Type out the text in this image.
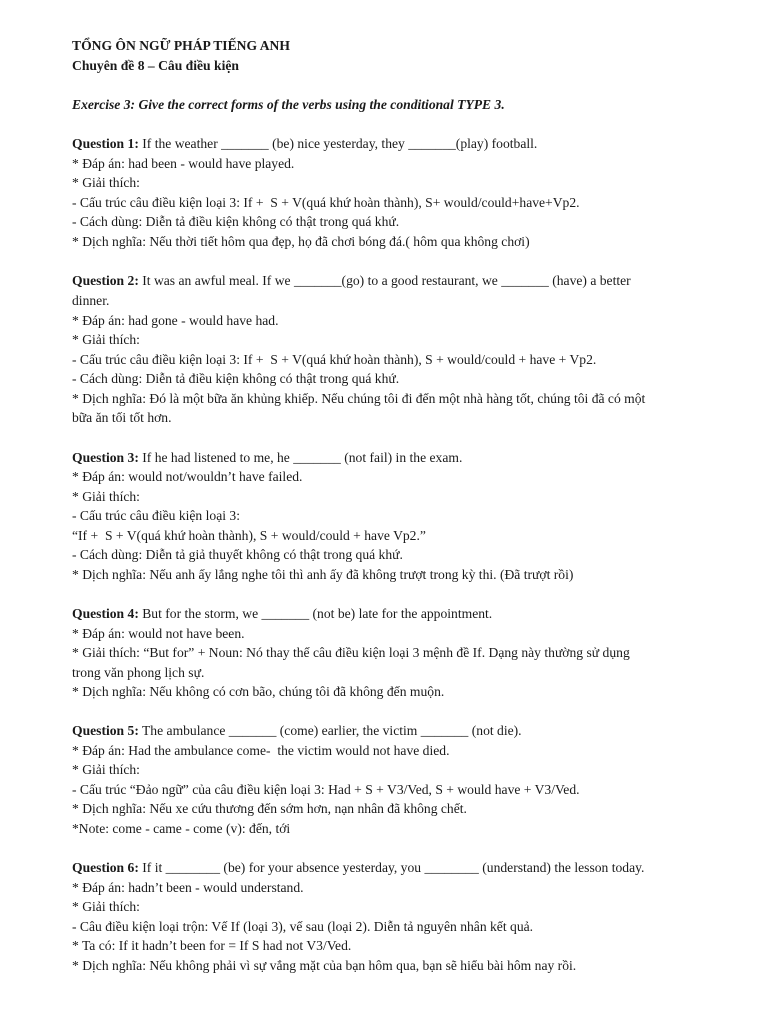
TỔNG ÔN NGỮ PHÁP TIẾNG ANH
Chuyên đề 8 – Câu điều kiện
Exercise 3: Give the correct forms of the verbs using the conditional TYPE 3.
Question 1: If the weather _______ (be) nice yesterday, they _______(play) football.
* Đáp án: had been - would have played.
* Giải thích:
- Cấu trúc câu điều kiện loại 3: If +  S + V(quá khứ hoàn thành), S+ would/could+have+Vp2.
- Cách dùng: Diễn tả điều kiện không có thật trong quá khứ.
* Dịch nghĩa: Nếu thời tiết hôm qua đẹp, họ đã chơi bóng đá.( hôm qua không chơi)
Question 2: It was an awful meal. If we _______(go) to a good restaurant, we _______ (have) a better
dinner.
* Đáp án: had gone - would have had.
* Giải thích:
- Cấu trúc câu điều kiện loại 3: If +  S + V(quá khứ hoàn thành), S + would/could + have + Vp2.
- Cách dùng: Diễn tả điều kiện không có thật trong quá khứ.
* Dịch nghĩa: Đó là một bữa ăn khủng khiếp. Nếu chúng tôi đi đến một nhà hàng tốt, chúng tôi đã có một
bữa ăn tối tốt hơn.
Question 3: If he had listened to me, he _______ (not fail) in the exam.
* Đáp án: would not/wouldn’t have failed.
* Giải thích:
- Cấu trúc câu điều kiện loại 3:
“If +  S + V(quá khứ hoàn thành), S + would/could + have Vp2.”
- Cách dùng: Diễn tả giả thuyết không có thật trong quá khứ.
* Dịch nghĩa: Nếu anh ấy lắng nghe tôi thì anh ấy đã không trượt trong kỳ thi. (Đã trượt rồi)
Question 4: But for the storm, we _______ (not be) late for the appointment.
* Đáp án: would not have been.
* Giải thích: “But for” + Noun: Nó thay thế câu điều kiện loại 3 mệnh đề If. Dạng này thường sử dụng
trong văn phong lịch sự.
* Dịch nghĩa: Nếu không có cơn bão, chúng tôi đã không đến muộn.
Question 5: The ambulance _______ (come) earlier, the victim _______ (not die).
* Đáp án: Had the ambulance come-  the victim would not have died.
* Giải thích:
- Cấu trúc “Đảo ngữ” của câu điều kiện loại 3: Had + S + V3/Ved, S + would have + V3/Ved.
* Dịch nghĩa: Nếu xe cứu thương đến sớm hơn, nạn nhân đã không chết.
*Note: come - came - come (v): đến, tới
Question 6: If it ________ (be) for your absence yesterday, you ________ (understand) the lesson today.
* Đáp án: hadn’t been - would understand.
* Giải thích:
- Câu điều kiện loại trộn: Vế If (loại 3), vế sau (loại 2). Diễn tả nguyên nhân kết quả.
* Ta có: If it hadn’t been for = If S had not V3/Ved.
* Dịch nghĩa: Nếu không phải vì sự vắng mặt của bạn hôm qua, bạn sẽ hiểu bài hôm nay rồi.
